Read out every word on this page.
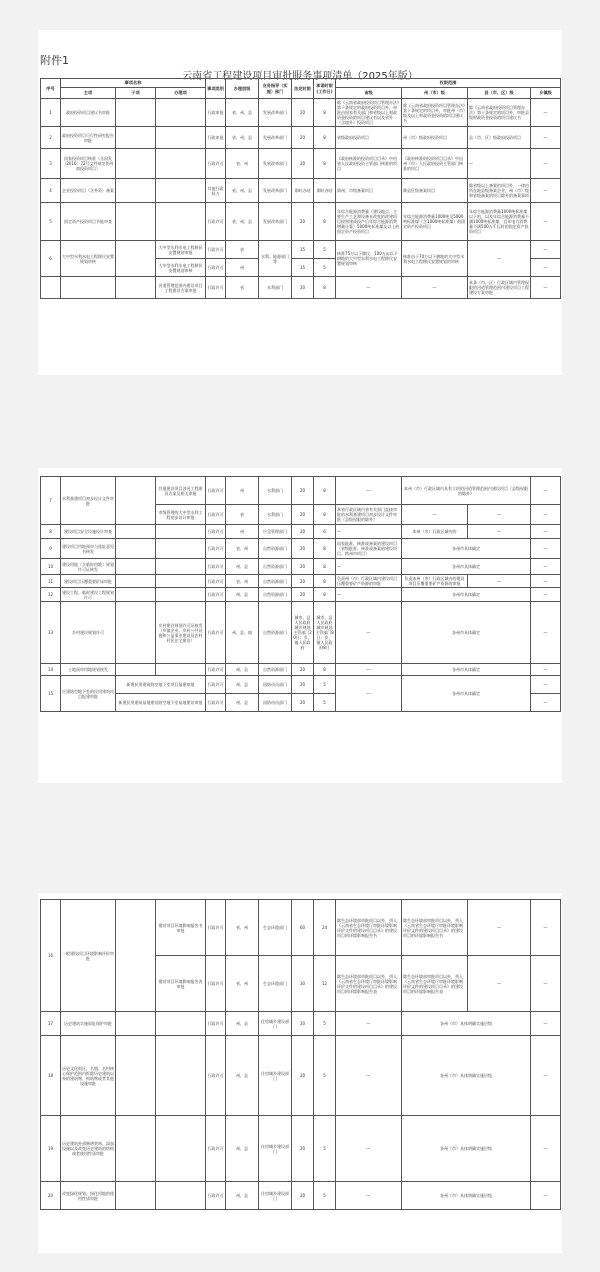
附件1
云南省工程建设项目审批服务事项清单（2025年版）
序号	事项名称			事项类别	办理层级	业务指导（实施）部门	法定时限	承诺时限(工作日)	权限范围			
	主项	子项	办理项						省级	州（市）级	县（市、区）级	乡镇级
1	政府投资项目建议书审批			行政审批	省、州、县	发展改革部门	20	8	除《云南省政府投资项目管理办法》第十条规定的政府投资项目外，审批由国家有关部门和省级以上财政资金投资的项目建议书以及省外（含境外）投资项目	除《云南省政府投资项目管理办法》第十条规定的项目外，审批州（市）级及以上财政资金投资的项目建议书	除《云南省政府投资项目管理办法》第十条规定的项目外，审批县级财政资金投资的项目建议书	—
2	政府投资项目可行性研究报告审批			行政审批	省、州、县	发展改革部门	20	8	省级政府投资项目	州（市）级政府投资项目	县（市、区）级政府投资项目	—
3	国家投资项目核准（含国发〔2016〕72号文件规定的外商投资项目）			行政许可	省、州	发展改革部门	20	8	《政府核准的投资项目目录》中由省人民政府投资主管部门核准的项目	《政府核准的投资项目目录》中由州（市）人民政府投资主管部门核准的项目	—	—
4	企业投资项目（含外资）备案			其他行政权力	省、州、县	发展改革部门	即时办结	即时办结	滇州、市级备案项目	降县区级备案项目	除省级以上备案的项目外，一律由所在地县级备案企业，州（市）级和省级备案的项目除外的备案事项	—
5	固定资产投资项目节能审查			行政许可	省、州、县	发展改革部门	20	8	年综合能源消费量（建设地点、主要生产工艺和设备未改变的改建项目按照建成投产后年综合能源消费增量计算）5000吨标准煤及以上的固定资产投资项目	年综合能源消费量1000吨至5000吨标准煤（含1000吨标准煤）的固定资产投资项目	年综合能源消费量1000吨标准煤以下的，以及年综合能源消费量不满1000吨标准煤，且年电力消费量不满500万千瓦时的固定资产投资项目	—
6	大中型水利水电工程移民安置规划审核		大中型水利水电工程移民安置规划审批	行政许可	省	水利、能源部门等	15	5	核准75万以下移民、100万亩以下耕地的大中型水利水电工程移民安置规划审核	核准由于70万以下耕地的大中型水利水电工程移民安置规划的审核	—	—
			大中型水利水电工程移民安置规划审核	行政许可	州		15	5				—
			河道管理范围内建设项目工程建设方案审批	行政许可	省	水利部门	20	8	—	—	本条（市、区）行政区域内管理权限的河道管理范围内建设项目工程建设方案审批	—
7	水利基建项目初步设计文件审批		其他建设项目涉河工程建设方案及相关审批	行政许可	州	水利部门	20	8	—	本州（市）行政区域内具有立项的河道管理范围内建设项目（县级权限的除外）		—
			市级管理的大中型水利工程初步设计审批	行政许可	省	水利部门	20	8	本省行政区域内省有关部门直接审批的水利基建项目初步设计文件审批（县级权限的除外）	—	—	—
8	建设项目安全设施设计审查			行政许可	州	应急管理部门	20	6	—	本州（市）行政区域内的	—	—
9	建设项目用地预审与选址意见书核发			行政许可	省、州	自然资源部门	20	8	国家批准、核准或备案的建设项目（省级批准、核准或备案的建设项目、跨州市项目）	各州市具体确定		—
10	建设用地（含临时用地）规划许可证核发			行政许可	州、县	自然资源部门	20	8	—	各州市具体确定		—
11	建设项目压覆重要矿床审批			行政许可	省、州	自然资源部门	20	8	负责州（市）行政区域内建设项目压覆重要矿产资源的审批	负责本州（市）行政区域内的建设项目压覆重要矿产资源的审批	—	—
12	建设工程、临时建设工程规划许可			行政许可	州、县	自然资源部门	20	8	—	各州市具体确定		—
13	乡村建设规划许可		乡村建设规划许可证核发（乡镇企业、乡村公共设施和公益事业建设及农村村民住宅建设）	行政许可	州、县、镇	自然资源部门	城市、县人民政府城乡规划主管部门20日；乡、镇人民政府	城市、县人民政府城乡规划主管部门8日；乡、镇人民政府8日	—	各州市具体确定		—
14	土地预审用地规划核发			行政许可	州、县	自然资源部门	20	8	—	各州市具体确定		—
15	应建防空地下室的民用建筑项目报建审批	新建民用建筑防空地下室项目报建审批		行政许可	州、县	国防动员部门	20	5	—	各州市具体确定		—
		新建民用建筑易地建设防空地下室易地建设审批		行政许可	州、县	国防动员部门	20	5				—
16	一般建设项目环境影响评价审批		建设项目环境影响报告书审批	行政许可	省、州	生态环境部门	60	24	除生态环境部审批项目以外，列入《云南省生态环境厅审批环境影响评价文件的建设项目目录》的建设项目的环境影响报告书	除生态环境部审批项目以外，列入《云南省生态环境厅审批环境影响评价文件的建设项目目录》的建设项目的环境影响报告书	—	—
			建设项目环境影响报告表审批	行政许可	省、州	生态环境部门	30	12	除生态环境部审批项目以外，列入《云南省生态环境厅审批环境影响评价文件的建设项目目录》的建设项目的环境影响报告表	除生态环境部审批项目以外，列入《云南省生态环境厅审批环境影响评价文件的建设项目目录》的建设项目的环境影响报告表	—	—
17	历史建筑实施原址保护审批			行政许可	州、县	住房城乡建设部门	20	5	—	各州（市）具体明确实施层级		—
18	历史文化街区、名镇、名村核心保护范围内拆除历史建筑以外的建筑物、构筑物或者其他设施审批			行政许可	州、县	住房城乡建设部门	20	5	—	各州（市）具体明确实施层级		—
19	历史建筑外部修缮装饰、添加设施以及改变历史建筑的结构或者使用性质审批			行政许可	州、县	住房城乡建设部门	20	5	—	各州（市）具体明确实施层级		—
20	改变绿化规划、绿化用地的使用性质审批			行政许可	州、县	住房城乡建设部门	20	5	—	各州（市）具体明确实施层级		—
